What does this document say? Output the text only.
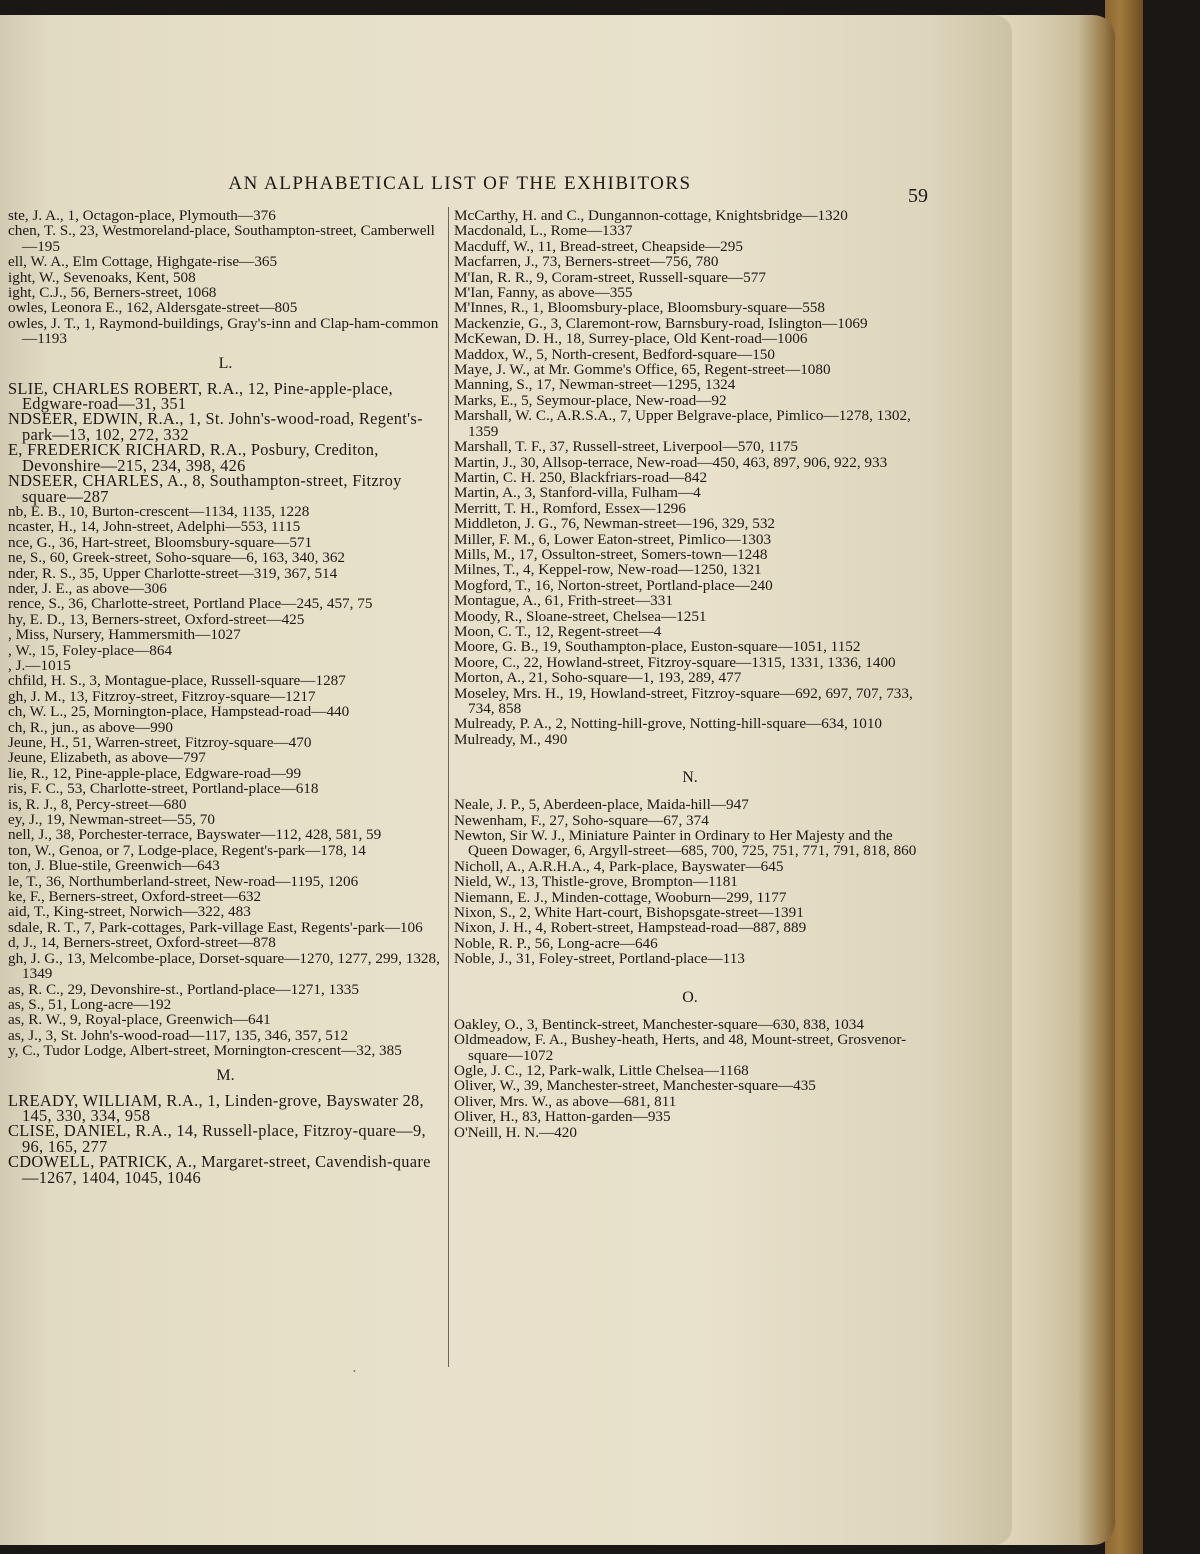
AN ALPHABETICAL LIST OF THE EXHIBITORS
59

ste, J. A., 1, Octagon-place, Plymouth—376

chen, T. S., 23, Westmoreland-place, Southampton-street, Camberwell—195

ell, W. A., Elm Cottage, Highgate-rise—365

ight, W., Sevenoaks, Kent, 508

ight, C.J., 56, Berners-street, 1068

owles, Leonora E., 162, Aldersgate-street—805

owles, J. T., 1, Raymond-buildings, Gray's-inn and Clap-ham-common—1193

L.

SLIE, CHARLES ROBERT, R.A., 12, Pine-apple-place, Edgware-road—31, 351

NDSEER, EDWIN, R.A., 1, St. John's-wood-road, Regent's-park—13, 102, 272, 332

E, FREDERICK RICHARD, R.A., Posbury, Crediton, Devonshire—215, 234, 398, 426

NDSEER, CHARLES, A., 8, Southampton-street, Fitzroy square—287

nb, E. B., 10, Burton-crescent—1134, 1135, 1228

ncaster, H., 14, John-street, Adelphi—553, 1115

nce, G., 36, Hart-street, Bloomsbury-square—571

ne, S., 60, Greek-street, Soho-square—6, 163, 340, 362

nder, R. S., 35, Upper Charlotte-street—319, 367, 514

nder, J. E., as above—306

rence, S., 36, Charlotte-street, Portland Place—245, 457, 75

hy, E. D., 13, Berners-street, Oxford-street—425

, Miss, Nursery, Hammersmith—1027

, W., 15, Foley-place—864

, J.—1015

chfild, H. S., 3, Montague-place, Russell-square—1287

gh, J. M., 13, Fitzroy-street, Fitzroy-square—1217

ch, W. L., 25, Mornington-place, Hampstead-road—440

ch, R., jun., as above—990

Jeune, H., 51, Warren-street, Fitzroy-square—470

Jeune, Elizabeth, as above—797

lie, R., 12, Pine-apple-place, Edgware-road—99

ris, F. C., 53, Charlotte-street, Portland-place—618

is, R. J., 8, Percy-street—680

ey, J., 19, Newman-street—55, 70

nell, J., 38, Porchester-terrace, Bayswater—112, 428, 581, 59

ton, W., Genoa, or 7, Lodge-place, Regent's-park—178, 14

ton, J. Blue-stile, Greenwich—643

le, T., 36, Northumberland-street, New-road—1195, 1206

ke, F., Berners-street, Oxford-street—632

aid, T., King-street, Norwich—322, 483

sdale, R. T., 7, Park-cottages, Park-village East, Regents'-park—106

d, J., 14, Berners-street, Oxford-street—878

gh, J. G., 13, Melcombe-place, Dorset-square—1270, 1277, 299, 1328, 1349

as, R. C., 29, Devonshire-st., Portland-place—1271, 1335

as, S., 51, Long-acre—192

as, R. W., 9, Royal-place, Greenwich—641

as, J., 3, St. John's-wood-road—117, 135, 346, 357, 512

y, C., Tudor Lodge, Albert-street, Mornington-crescent—32, 385

M.

LREADY, WILLIAM, R.A., 1, Linden-grove, Bayswater 28, 145, 330, 334, 958

CLISE, DANIEL, R.A., 14, Russell-place, Fitzroy-quare—9, 96, 165, 277

CDOWELL, PATRICK, A., Margaret-street, Cavendish-quare—1267, 1404, 1045, 1046

•

McCarthy, H. and C., Dungannon-cottage, Knightsbridge—1320

Macdonald, L., Rome—1337

Macduff, W., 11, Bread-street, Cheapside—295

Macfarren, J., 73, Berners-street—756, 780

M'Ian, R. R., 9, Coram-street, Russell-square—577

M'Ian, Fanny, as above—355

M'Innes, R., 1, Bloomsbury-place, Bloomsbury-square—558

Mackenzie, G., 3, Claremont-row, Barnsbury-road, Islington—1069

McKewan, D. H., 18, Surrey-place, Old Kent-road—1006

Maddox, W., 5, North-cresent, Bedford-square—150

Maye, J. W., at Mr. Gomme's Office, 65, Regent-street—1080

Manning, S., 17, Newman-street—1295, 1324

Marks, E., 5, Seymour-place, New-road—92

Marshall, W. C., A.R.S.A., 7, Upper Belgrave-place, Pimlico—1278, 1302, 1359

Marshall, T. F., 37, Russell-street, Liverpool—570, 1175

Martin, J., 30, Allsop-terrace, New-road—450, 463, 897, 906, 922, 933

Martin, C. H. 250, Blackfriars-road—842

Martin, A., 3, Stanford-villa, Fulham—4

Merritt, T. H., Romford, Essex—1296

Middleton, J. G., 76, Newman-street—196, 329, 532

Miller, F. M., 6, Lower Eaton-street, Pimlico—1303

Mills, M., 17, Ossulton-street, Somers-town—1248

Milnes, T., 4, Keppel-row, New-road—1250, 1321

Mogford, T., 16, Norton-street, Portland-place—240

Montague, A., 61, Frith-street—331

Moody, R., Sloane-street, Chelsea—1251

Moon, C. T., 12, Regent-street—4

Moore, G. B., 19, Southampton-place, Euston-square—1051, 1152

Moore, C., 22, Howland-street, Fitzroy-square—1315, 1331, 1336, 1400

Morton, A., 21, Soho-square—1, 193, 289, 477

Moseley, Mrs. H., 19, Howland-street, Fitzroy-square—692, 697, 707, 733, 734, 858

Mulready, P. A., 2, Notting-hill-grove, Notting-hill-square—634, 1010

Mulready, M., 490

N.

Neale, J. P., 5, Aberdeen-place, Maida-hill—947

Newenham, F., 27, Soho-square—67, 374

Newton, Sir W. J., Miniature Painter in Ordinary to Her Majesty and the Queen Dowager, 6, Argyll-street—685, 700, 725, 751, 771, 791, 818, 860

Nicholl, A., A.R.H.A., 4, Park-place, Bayswater—645

Nield, W., 13, Thistle-grove, Brompton—1181

Niemann, E. J., Minden-cottage, Wooburn—299, 1177

Nixon, S., 2, White Hart-court, Bishopsgate-street—1391

Nixon, J. H., 4, Robert-street, Hampstead-road—887, 889

Noble, R. P., 56, Long-acre—646

Noble, J., 31, Foley-street, Portland-place—113

O.

Oakley, O., 3, Bentinck-street, Manchester-square—630, 838, 1034

Oldmeadow, F. A., Bushey-heath, Herts, and 48, Mount-street, Grosvenor-square—1072

Ogle, J. C., 12, Park-walk, Little Chelsea—1168

Oliver, W., 39, Manchester-street, Manchester-square—435

Oliver, Mrs. W., as above—681, 811

Oliver, H., 83, Hatton-garden—935

O'Neill, H. N.—420
